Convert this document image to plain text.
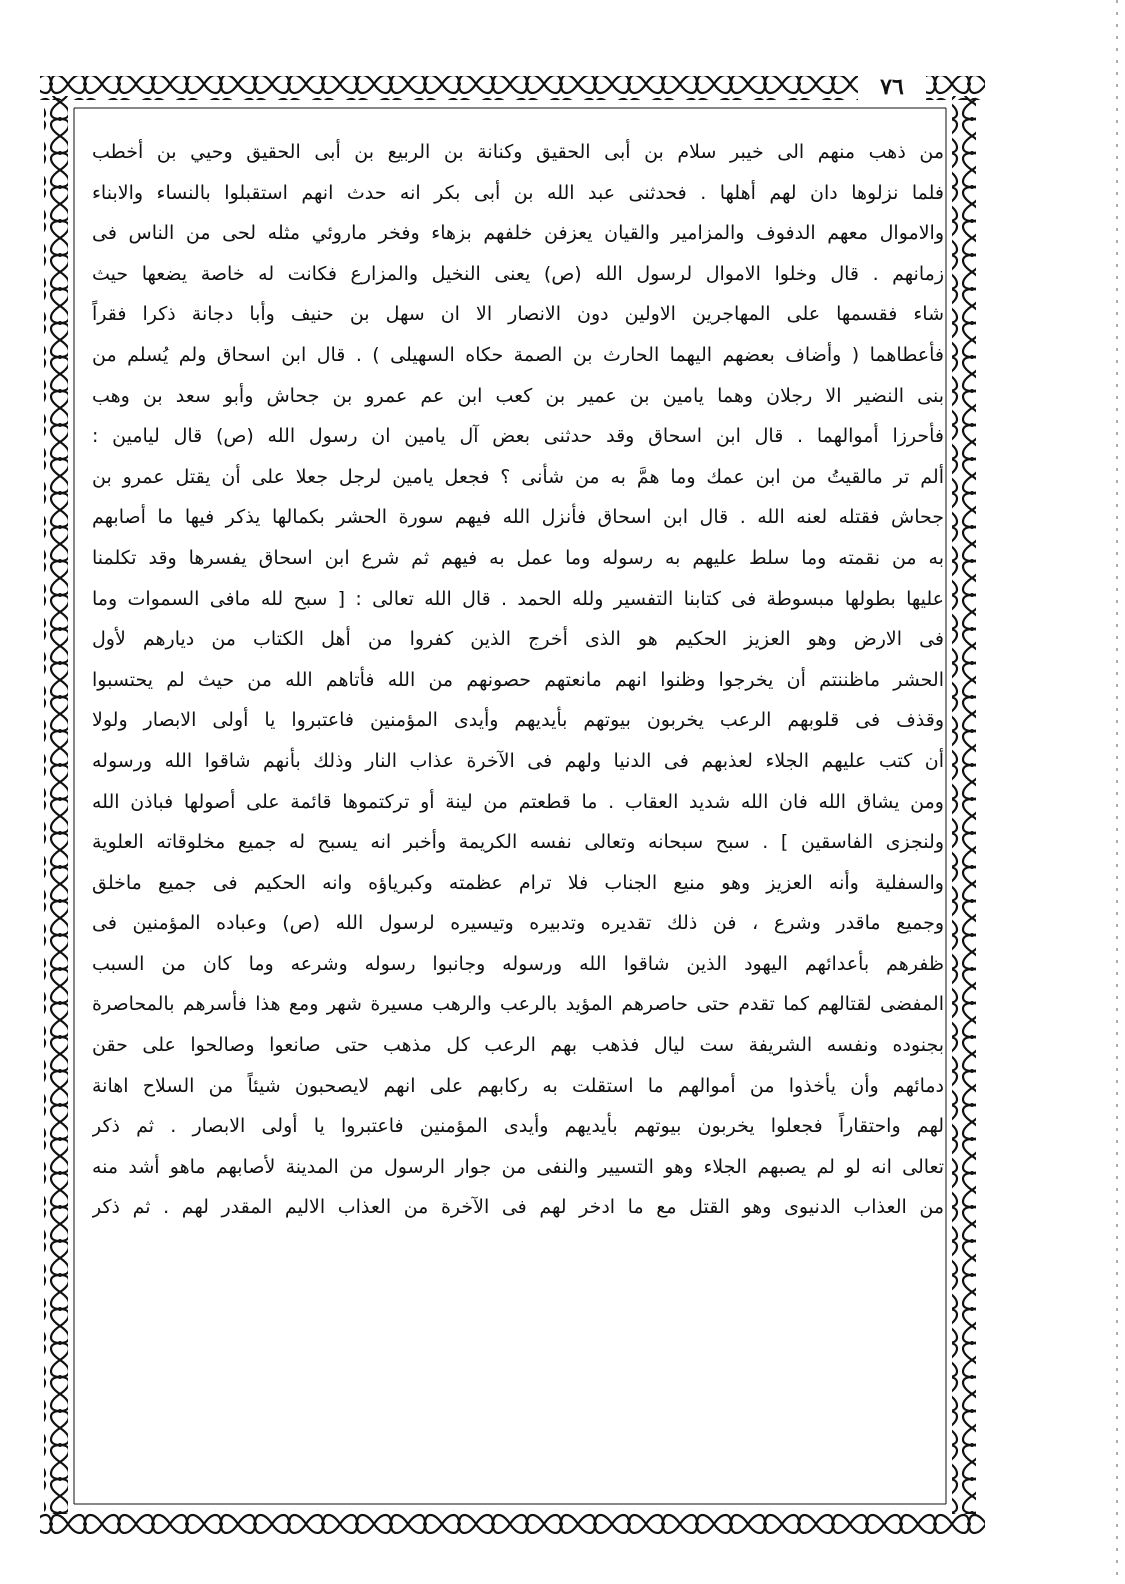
٧٦
من ذهب منهم الى خيبر سلام بن أبى الحقيق وكنانة بن الربيع بن أبى الحقيق وحيي بن أخطب
فلما نزلوها دان لهم أهلها . فحدثنى عبد الله بن أبى بكر انه حدث انهم استقبلوا بالنساء والابناء
والاموال معهم الدفوف والمزامير والقيان يعزفن خلفهم بزهاء وفخر ماروئي مثله لحى من الناس فى
زمانهم . قال وخلوا الاموال لرسول الله (ص) يعنى النخيل والمزارع فكانت له خاصة يضعها حيث
شاء فقسمها على المهاجرين الاولين دون الانصار الا ان سهل بن حنيف وأبا دجانة ذكرا فقراً
فأعطاهما ( وأضاف بعضهم اليهما الحارث بن الصمة حكاه السهيلى ) . قال ابن اسحاق ولم يُسلم من
بنى النضير الا رجلان وهما يامين بن عمير بن كعب ابن عم عمرو بن جحاش وأبو سعد بن وهب
فأحرزا أموالهما . قال ابن اسحاق وقد حدثنى بعض آل يامين ان رسول الله (ص) قال ليامين :
ألم تر مالقيتُ من ابن عمك وما همَّ به من شأنى ؟ فجعل يامين لرجل جعلا على أن يقتل عمرو بن
جحاش فقتله لعنه الله . قال ابن اسحاق فأنزل الله فيهم سورة الحشر بكمالها يذكر فيها ما أصابهم
به من نقمته وما سلط عليهم به رسوله وما عمل به فيهم ثم شرع ابن اسحاق يفسرها وقد تكلمنا
عليها بطولها مبسوطة فى كتابنا التفسير ولله الحمد . قال الله تعالى : [ سبح لله مافى السموات وما
فى الارض وهو العزيز الحكيم هو الذى أخرج الذين كفروا من أهل الكتاب من ديارهم لأول
الحشر ماظننتم أن يخرجوا وظنوا انهم مانعتهم حصونهم من الله فأتاهم الله من حيث لم يحتسبوا
وقذف فى قلوبهم الرعب يخربون بيوتهم بأيديهم وأيدى المؤمنين فاعتبروا يا أولى الابصار ولولا
أن كتب عليهم الجلاء لعذبهم فى الدنيا ولهم فى الآخرة عذاب النار وذلك بأنهم شاقوا الله ورسوله
ومن يشاق الله فان الله شديد العقاب . ما قطعتم من لينة أو تركتموها قائمة على أصولها فباذن الله
ولنجزى الفاسقين ] . سبح سبحانه وتعالى نفسه الكريمة وأخبر انه يسبح له جميع مخلوقاته العلوية
والسفلية وأنه العزيز وهو منيع الجناب فلا ترام عظمته وكبرياؤه وانه الحكيم فى جميع ماخلق
وجميع ماقدر وشرع ، فن ذلك تقديره وتدبيره وتيسيره لرسول الله (ص) وعباده المؤمنين فى
ظفرهم بأعدائهم اليهود الذين شاقوا الله ورسوله وجانبوا رسوله وشرعه وما كان من السبب
المفضى لقتالهم كما تقدم حتى حاصرهم المؤيد بالرعب والرهب مسيرة شهر ومع هذا فأسرهم بالمحاصرة
بجنوده ونفسه الشريفة ست ليال فذهب بهم الرعب كل مذهب حتى صانعوا وصالحوا على حقن
دمائهم وأن يأخذوا من أموالهم ما استقلت به ركابهم على انهم لايصحبون شيئاً من السلاح اهانة
لهم واحتقاراً فجعلوا يخربون بيوتهم بأيديهم وأيدى المؤمنين فاعتبروا يا أولى الابصار . ثم ذكر
تعالى انه لو لم يصبهم الجلاء وهو التسيير والنفى من جوار الرسول من المدينة لأصابهم ماهو أشد منه
من العذاب الدنيوى وهو القتل مع ما ادخر لهم فى الآخرة من العذاب الاليم المقدر لهم . ثم ذكر
